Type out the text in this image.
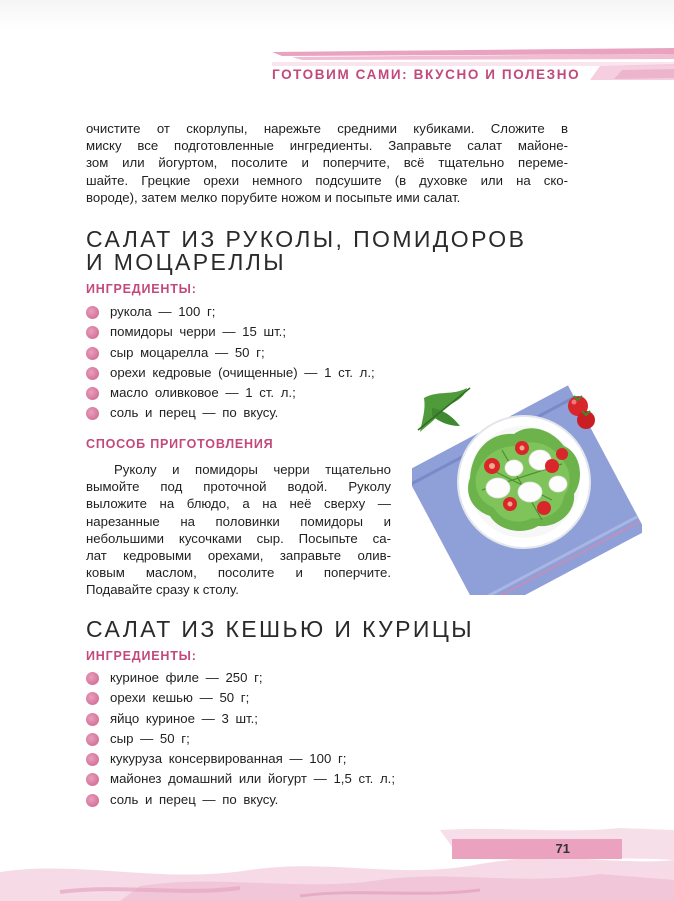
ГОТОВИМ САМИ: ВКУСНО И ПОЛЕЗНО

очистите от скорлупы, нарежьте средними кубиками. Сложите в

миску все подготовленные ингредиенты. Заправьте салат майоне-

зом или йогуртом, посолите и поперчите, всё тщательно переме-

шайте. Грецкие орехи немного подсушите (в духовке или на ско-

вороде), затем мелко порубите ножом и посыпьте ими салат.

САЛАТ ИЗ РУКОЛЫ, ПОМИДОРОВ
И МОЦАРЕЛЛЫ
ИНГРЕДИЕНТЫ:
рукола — 100 г;
помидоры черри — 15 шт.;
сыр моцарелла — 50 г;
орехи кедровые (очищенные) — 1 ст. л.;
масло оливковое — 1 ст. л.;
соль и перец — по вкусу.
СПОСОБ ПРИГОТОВЛЕНИЯ
Руколу и помидоры черри тщательно
вымойте под проточной водой. Руколу
выложите на блюдо, а на неё сверху —
нарезанные на половинки помидоры и
небольшими кусочками сыр. Посыпьте са-
лат кедровыми орехами, заправьте олив-
ковым маслом, посолите и поперчите.
Подавайте сразу к столу.
САЛАТ ИЗ КЕШЬЮ И КУРИЦЫ
ИНГРЕДИЕНТЫ:
куриное филе — 250 г;
орехи кешью — 50 г;
яйцо куриное — 3 шт.;
сыр — 50 г;
кукуруза консервированная — 100 г;
майонез домашний или йогурт — 1,5 ст. л.;
соль и перец — по вкусу.
71
